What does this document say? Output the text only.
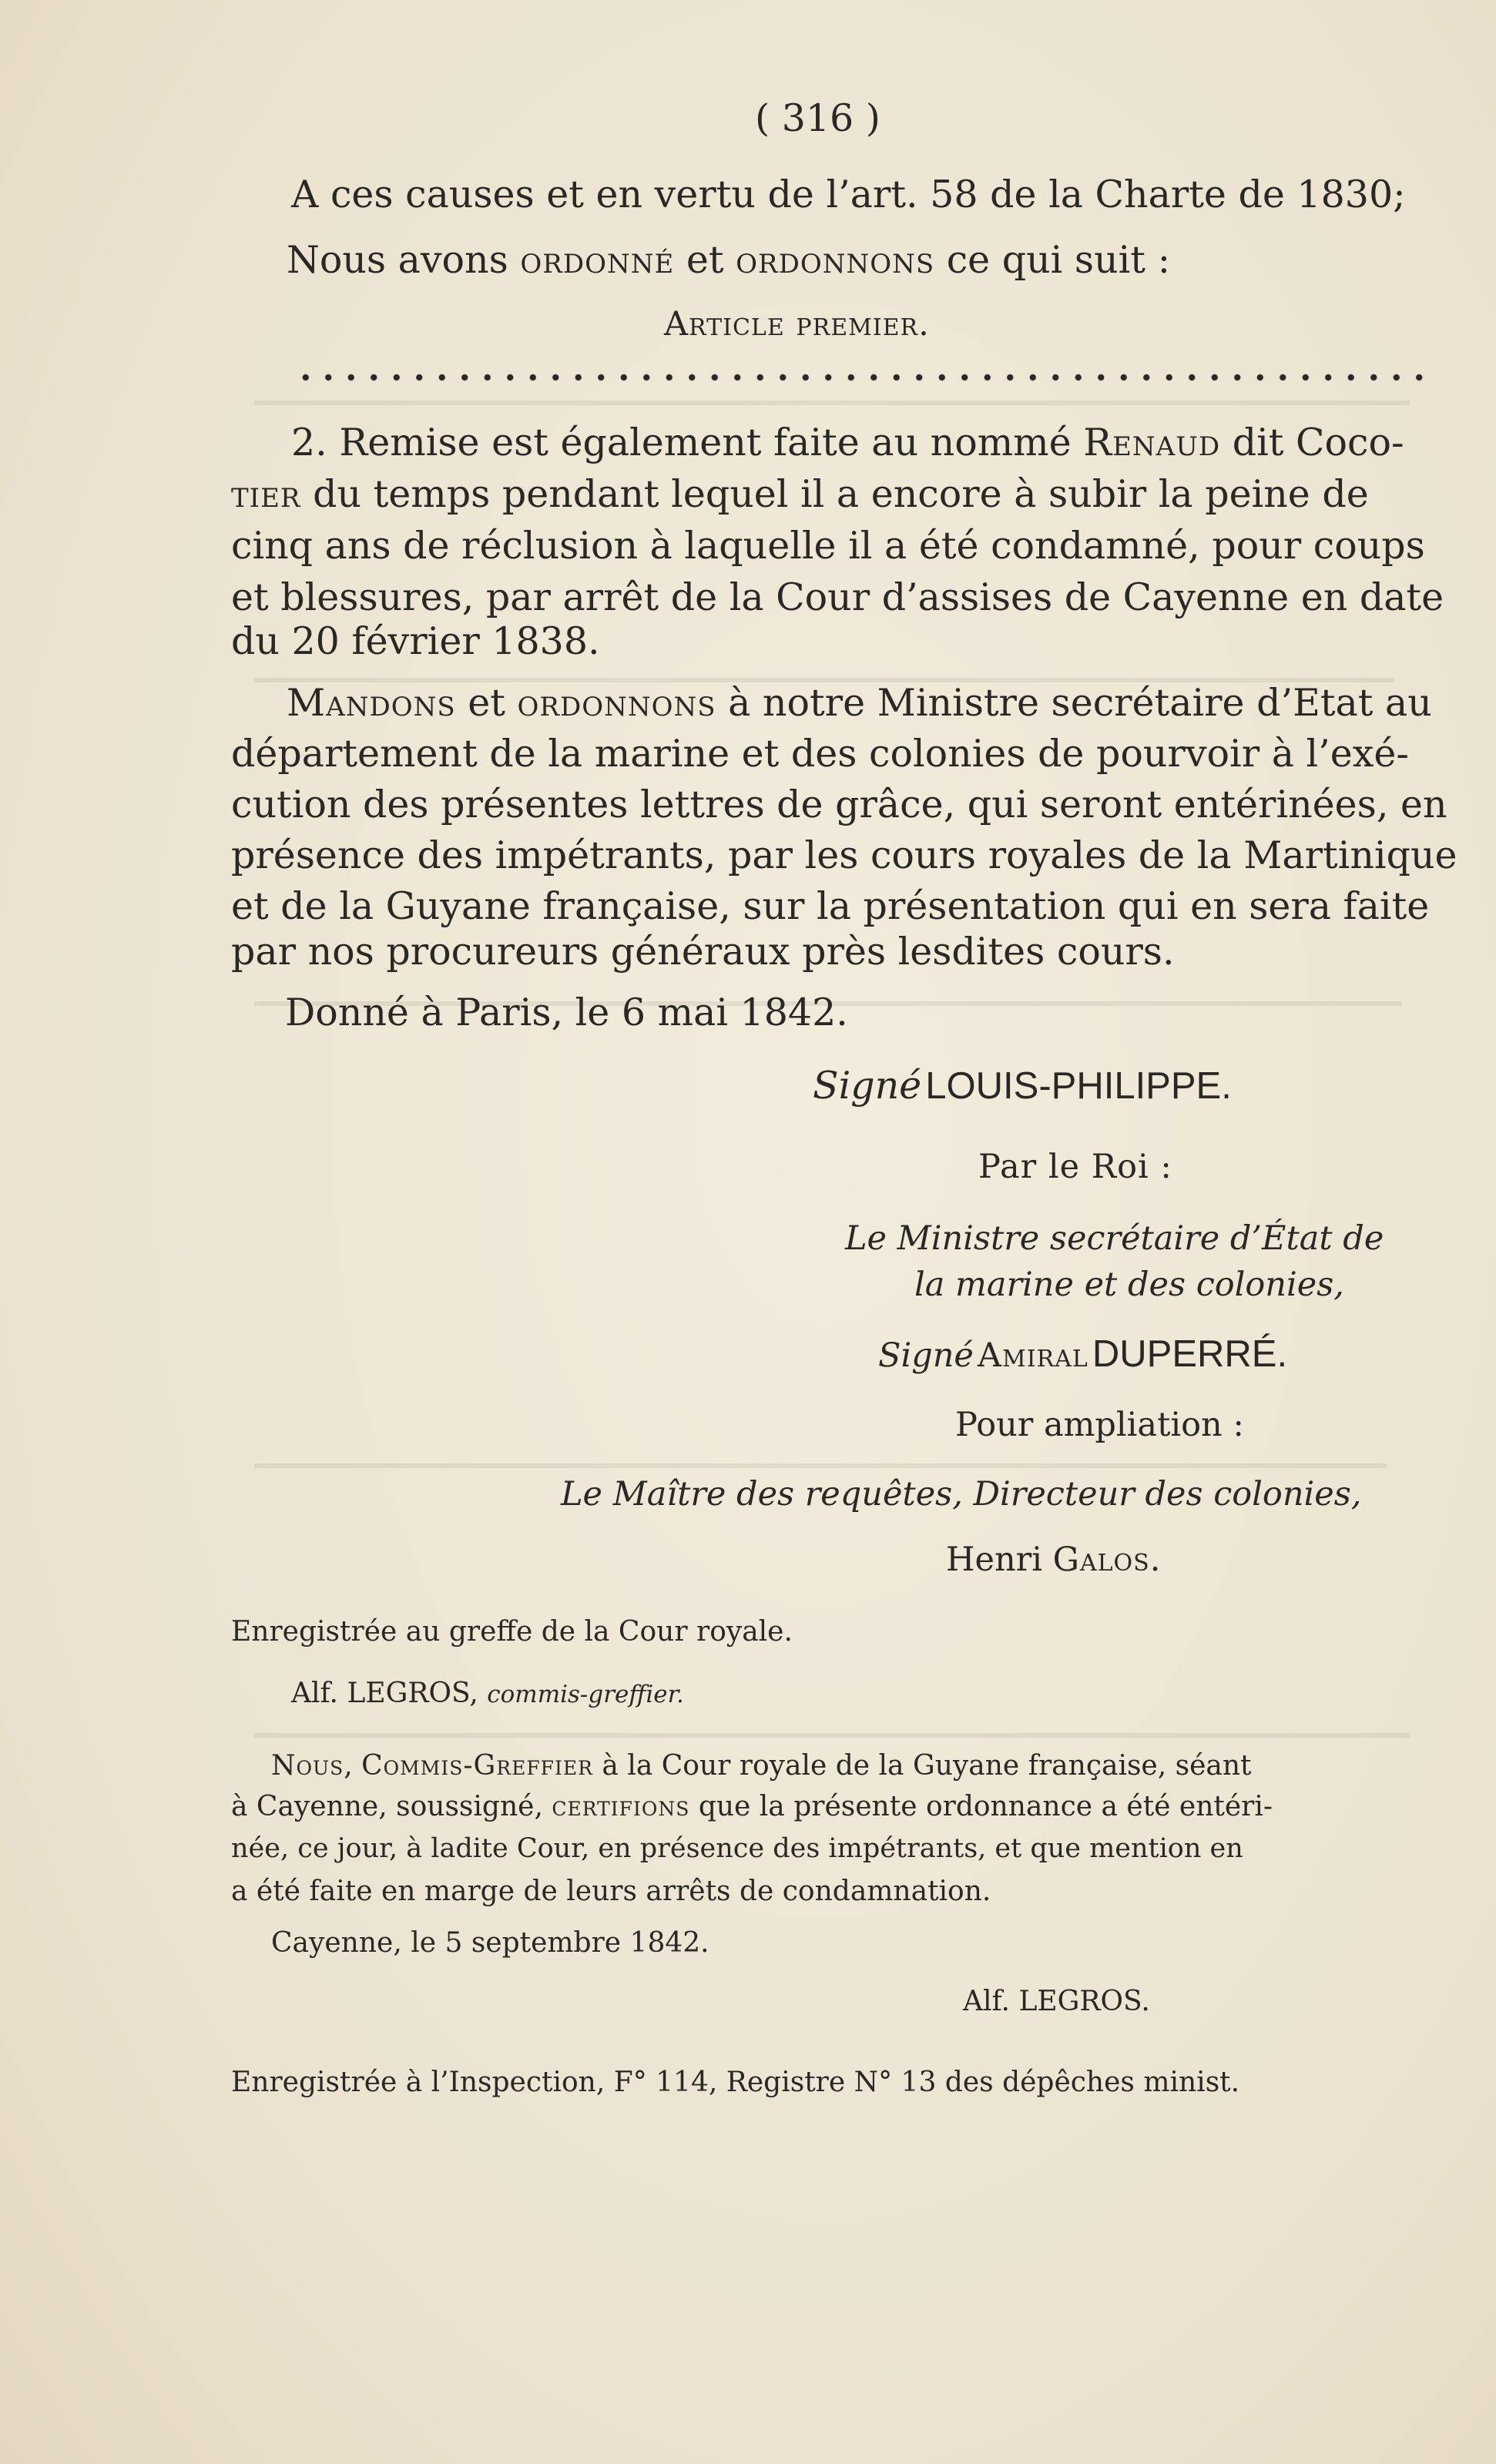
( 316 )
A ces causes et en vertu de l’art. 58 de la Charte de 1830;
Nous avons ordonné et ordonnons ce qui suit :
Article premier.
2. Remise est également faite au nommé Renaud dit Coco-
tier du temps pendant lequel il a encore à subir la peine de
cinq ans de réclusion à laquelle il a été condamné, pour coups
et blessures, par arrêt de la Cour d’assises de Cayenne en date
du 20 février 1838.
Mandons et ordonnons à notre Ministre secrétaire d’Etat au
département de la marine et des colonies de pourvoir à l’exé-
cution des présentes lettres de grâce, qui seront entérinées, en
présence des impétrants, par les cours royales de la Martinique
et de la Guyane française, sur la présentation qui en sera faite
par nos procureurs généraux près lesdites cours.
Donné à Paris, le 6 mai 1842.
Signé LOUIS-PHILIPPE.
Par le Roi :
Le Ministre secrétaire d’État de
la marine et des colonies,
Signé Amiral DUPERRÉ.
Pour ampliation :
Le Maître des requêtes, Directeur des colonies,
Henri Galos.
Enregistrée au greffe de la Cour royale.
Alf. LEGROS, commis-greffier.
Nous, Commis-Greffier à la Cour royale de la Guyane française, séant
à Cayenne, soussigné, certifions que la présente ordonnance a été entéri-
née, ce jour, à ladite Cour, en présence des impétrants, et que mention en
a été faite en marge de leurs arrêts de condamnation.
Cayenne, le 5 septembre 1842.
Alf. LEGROS.
Enregistrée à l’Inspection, F° 114, Registre N° 13 des dépêches minist.
